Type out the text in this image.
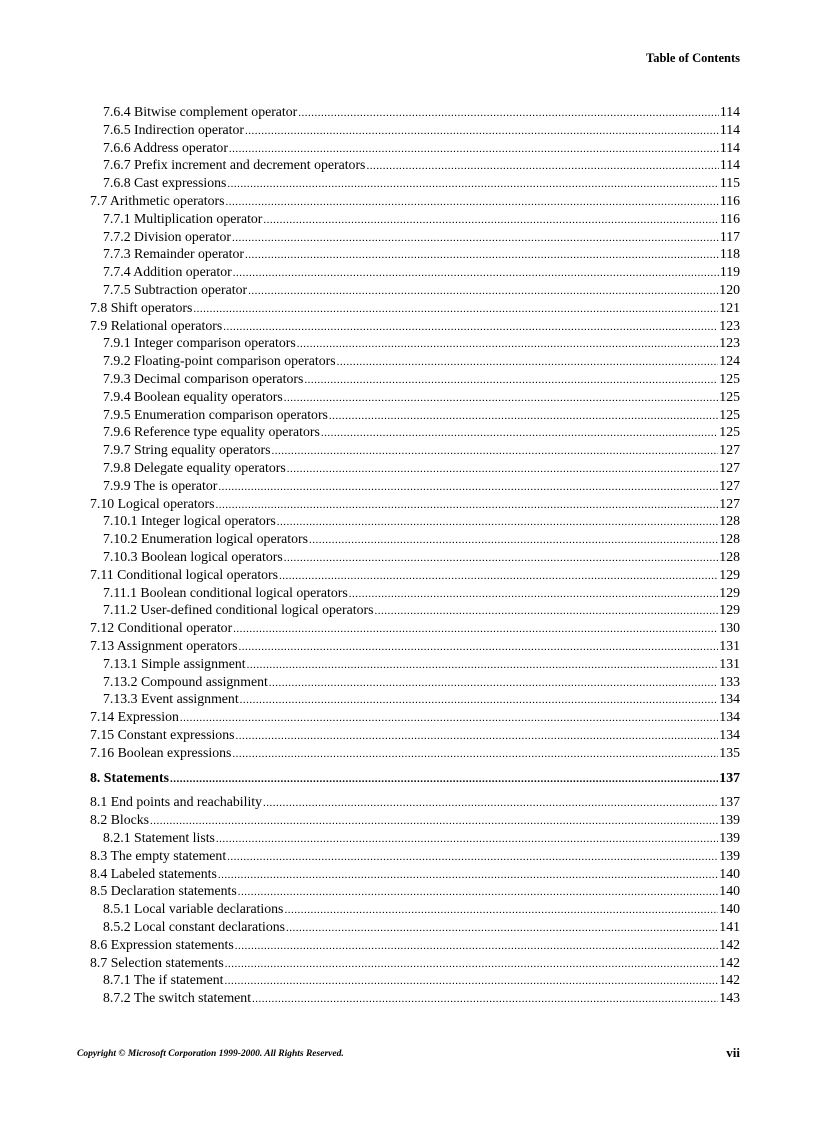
Table of Contents
7.6.4 Bitwise complement operator .....	114
7.6.5 Indirection operator .....	114
7.6.6 Address operator .....	114
7.6.7 Prefix increment and decrement operators .....	114
7.6.8 Cast expressions .....	115
7.7 Arithmetic operators .....	116
7.7.1 Multiplication operator .....	116
7.7.2 Division operator .....	117
7.7.3 Remainder operator .....	118
7.7.4 Addition operator .....	119
7.7.5 Subtraction operator .....	120
7.8 Shift operators .....	121
7.9 Relational operators .....	123
7.9.1 Integer comparison operators .....	123
7.9.2 Floating-point comparison operators .....	124
7.9.3 Decimal comparison operators .....	125
7.9.4 Boolean equality operators .....	125
7.9.5 Enumeration comparison operators .....	125
7.9.6 Reference type equality operators .....	125
7.9.7 String equality operators .....	127
7.9.8 Delegate equality operators .....	127
7.9.9 The is operator .....	127
7.10 Logical operators .....	127
7.10.1 Integer logical operators .....	128
7.10.2 Enumeration logical operators .....	128
7.10.3 Boolean logical operators .....	128
7.11 Conditional logical operators .....	129
7.11.1 Boolean conditional logical operators .....	129
7.11.2 User-defined conditional logical operators .....	129
7.12 Conditional operator .....	130
7.13 Assignment operators .....	131
7.13.1 Simple assignment .....	131
7.13.2 Compound assignment .....	133
7.13.3 Event assignment .....	134
7.14 Expression .....	134
7.15 Constant expressions .....	134
7.16 Boolean expressions .....	135
8. Statements .....	137
8.1 End points and reachability .....	137
8.2 Blocks .....	139
8.2.1 Statement lists .....	139
8.3 The empty statement .....	139
8.4 Labeled statements .....	140
8.5 Declaration statements .....	140
8.5.1 Local variable declarations .....	140
8.5.2 Local constant declarations .....	141
8.6 Expression statements .....	142
8.7 Selection statements .....	142
8.7.1 The if statement .....	142
8.7.2 The switch statement .....	143
Copyright © Microsoft Corporation 1999-2000. All Rights Reserved.	vii
